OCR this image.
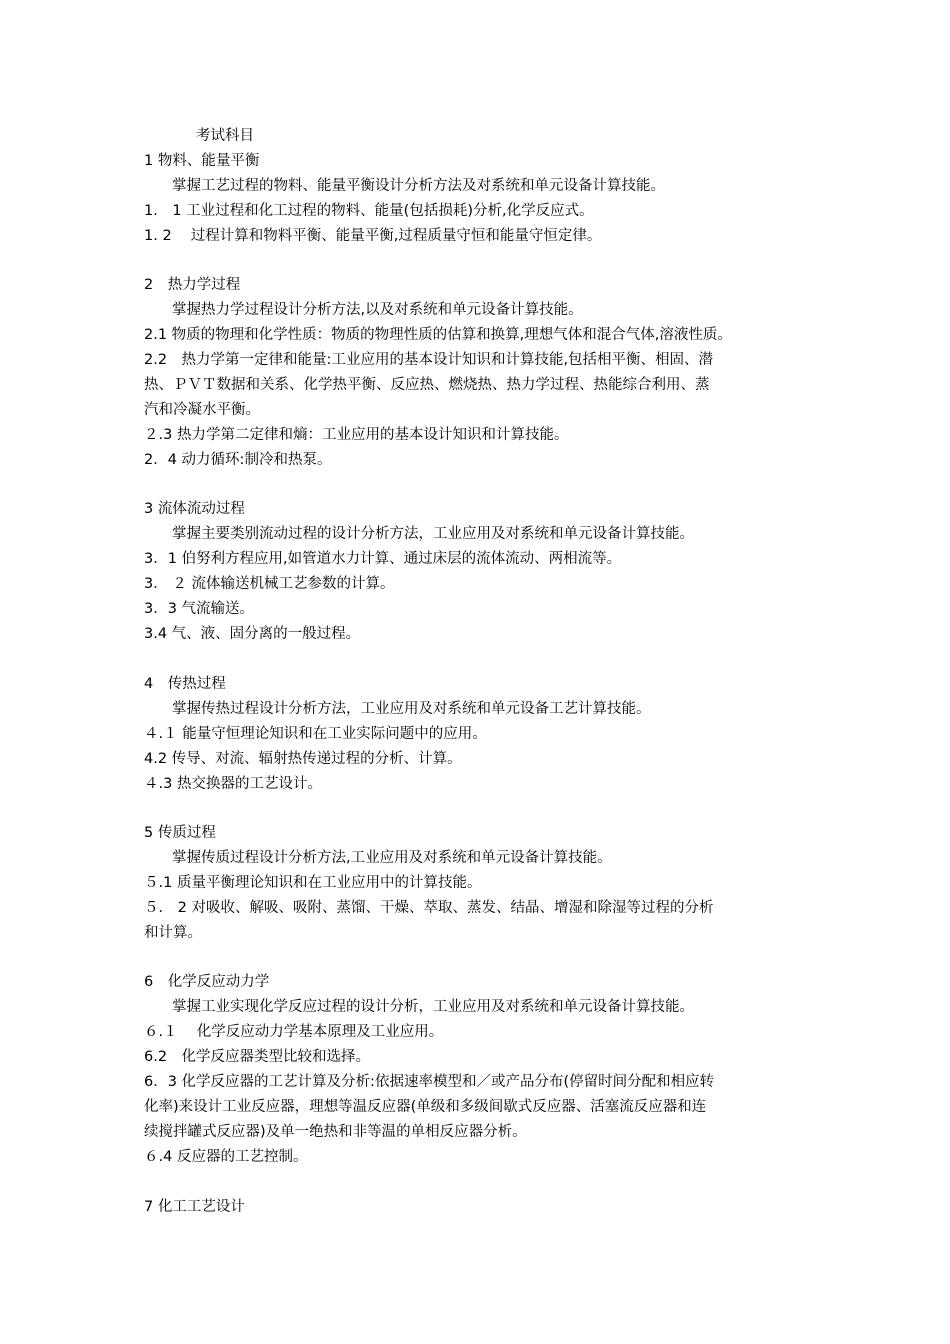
考试科目
1 物料、能量平衡
掌握工艺过程的物料、能量平衡设计分析方法及对系统和单元设备计算技能。
1． 1 工业过程和化工过程的物料、能量(包括损耗)分析,化学反应式。
1. 2　 过程计算和物料平衡、能量平衡,过程质量守恒和能量守恒定律。
2　热力学过程
掌握热力学过程设计分析方法,以及对系统和单元设备计算技能。
2.1 物质的物理和化学性质：物质的物理性质的估算和换算,理想气体和混合气体,溶液性质。
2.2　热力学第一定律和能量:工业应用的基本设计知识和计算技能,包括相平衡、相固、潜
热、ＰＶＴ数据和关系、化学热平衡、反应热、燃烧热、热力学过程、热能综合利用、蒸
汽和冷凝水平衡。
２.3 热力学第二定律和熵：工业应用的基本设计知识和计算技能。
2．4 动力循环:制冷和热泵。
3 流体流动过程
掌握主要类别流动过程的设计分析方法，工业应用及对系统和单元设备计算技能。
3．1 伯努利方程应用,如管道水力计算、通过床层的流体流动、两相流等。
3． ２ 流体输送机械工艺参数的计算。
3．3 气流输送。
3.4 气、液、固分离的一般过程。
4　传热过程
掌握传热过程设计分析方法，工业应用及对系统和单元设备工艺计算技能。
４.１ 能量守恒理论知识和在工业实际问题中的应用。
4.2 传导、对流、辐射热传递过程的分析、计算。
４.3 热交换器的工艺设计。
5 传质过程
掌握传质过程设计分析方法,工业应用及对系统和单元设备计算技能。
５.1 质量平衡理论知识和在工业应用中的计算技能。
５． 2 对吸收、解吸、吸附、蒸馏、干燥、萃取、蒸发、结晶、增湿和除湿等过程的分析
和计算。
6　化学反应动力学
掌握工业实现化学反应过程的设计分析，工业应用及对系统和单元设备计算技能。
６.１　 化学反应动力学基本原理及工业应用。
6.2　化学反应器类型比较和选择。
6．3 化学反应器的工艺计算及分析:依据速率模型和／或产品分布(停留时间分配和相应转
化率)来设计工业反应器，理想等温反应器(单级和多级间歇式反应器、活塞流反应器和连
续搅拌罐式反应器)及单一绝热和非等温的单相反应器分析。
６.4 反应器的工艺控制。
7 化工工艺设计
